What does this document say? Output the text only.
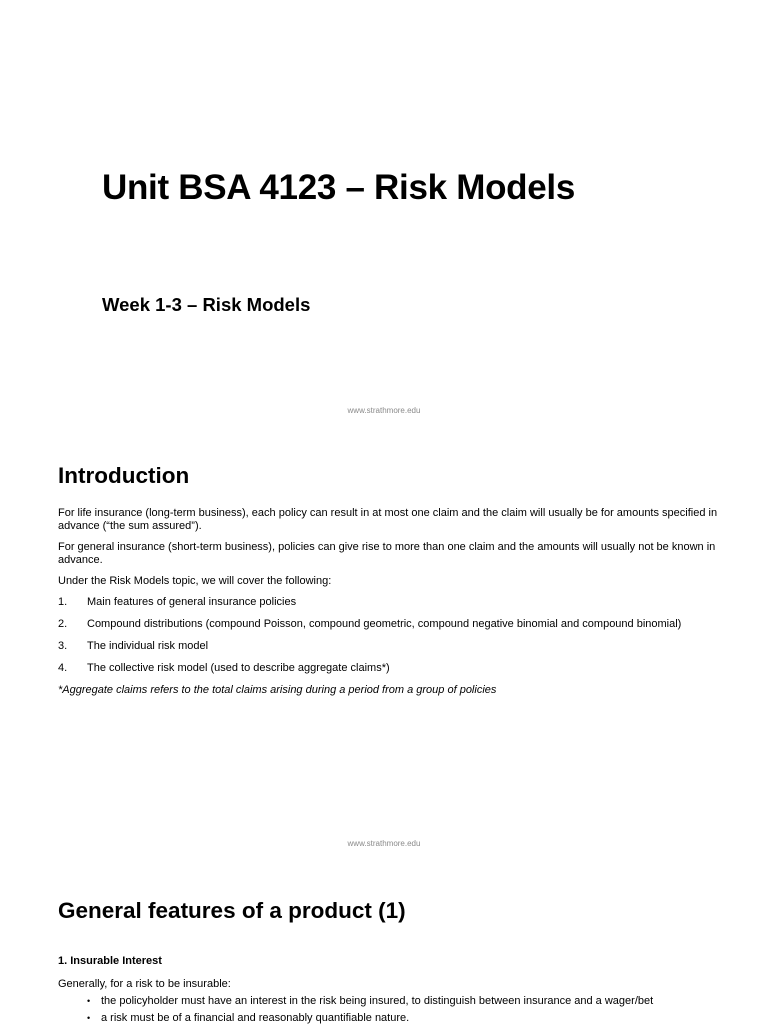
Unit BSA 4123 – Risk Models
Week 1-3 – Risk Models
www.strathmore.edu
Introduction

For life insurance (long-term business), each policy can result in at most one claim and the claim will usually be for amounts specified in advance (“the sum assured”).

For general insurance (short-term business), policies can give rise to more than one claim and the amounts will usually not be known in advance.

Under the Risk Models topic, we will cover the following:

1. Main features of general insurance policies
2. Compound distributions (compound Poisson, compound geometric, compound negative binomial and compound binomial)
3. The individual risk model
4. The collective risk model (used to describe aggregate claims*)

*Aggregate claims refers to the total claims arising during a period from a group of policies

www.strathmore.edu
General features of a product (1)

1. Insurable Interest

Generally, for a risk to be insurable:

• the policyholder must have an interest in the risk being insured, to distinguish between insurance and a wager/bet
• a risk must be of a financial and reasonably quantifiable nature.
